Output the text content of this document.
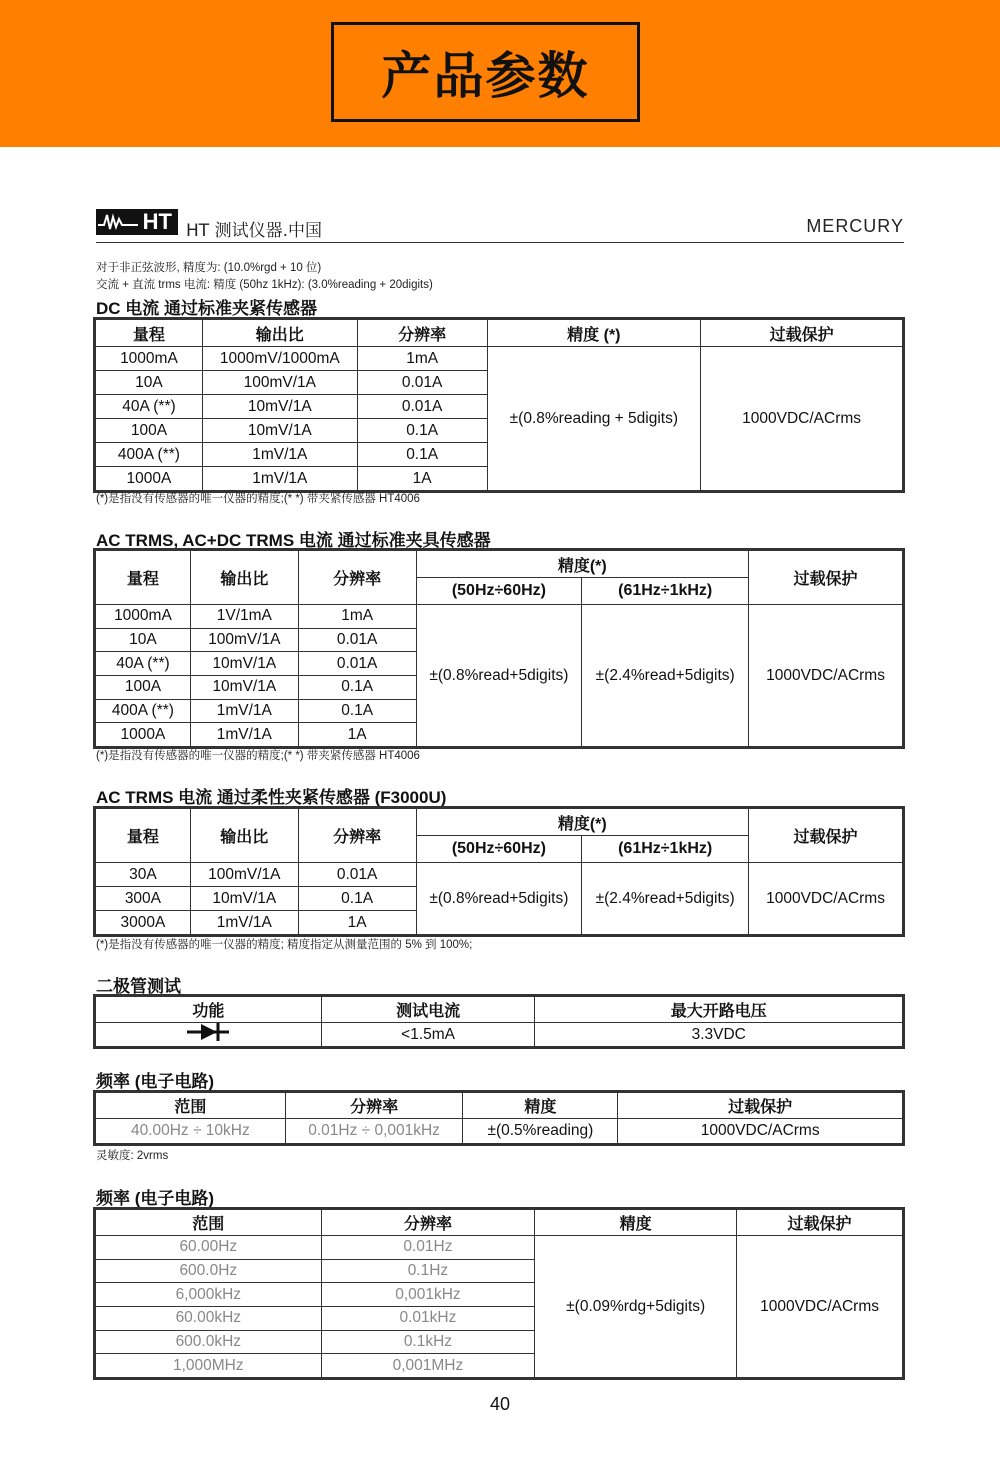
产品参数
HT HT 测试仪器.中国	MERCURY
对于非正弦波形, 精度为: (10.0%rgd + 10 位)
交流 + 直流 trms 电流: 精度 (50hz 1kHz): (3.0%reading + 20digits)
DC 电流 通过标准夹紧传感器
量程	输出比	分辨率	精度 (*)	过载保护
1000mA	1000mV/1000mA	1mA	±(0.8%reading + 5digits)	1000VDC/ACrms
10A	100mV/1A	0.01A		
40A (**)	10mV/1A	0.01A		
100A	10mV/1A	0.1A		
400A (**)	1mV/1A	0.1A		
1000A	1mV/1A	1A		
(*)是指没有传感器的唯一仪器的精度;(* *) 带夹紧传感器 HT4006
AC TRMS, AC+DC TRMS 电流 通过标准夹具传感器
量程	输出比	分辨率	精度(*)		过载保护
			(50Hz÷60Hz)	(61Hz÷1kHz)	
1000mA	1V/1mA	1mA	±(0.8%read+5digits)	±(2.4%read+5digits)	1000VDC/ACrms
10A	100mV/1A	0.01A			
40A (**)	10mV/1A	0.01A			
100A	10mV/1A	0.1A			
400A (**)	1mV/1A	0.1A			
1000A	1mV/1A	1A			
(*)是指没有传感器的唯一仪器的精度;(* *) 带夹紧传感器 HT4006
AC TRMS 电流 通过柔性夹紧传感器 (F3000U)
量程	输出比	分辨率	精度(*)		过载保护
			(50Hz÷60Hz)	(61Hz÷1kHz)	
30A	100mV/1A	0.01A	±(0.8%read+5digits)	±(2.4%read+5digits)	1000VDC/ACrms
300A	10mV/1A	0.1A			
3000A	1mV/1A	1A			
(*)是指没有传感器的唯一仪器的精度; 精度指定从测量范围的 5% 到 100%;
二极管测试
功能	测试电流	最大开路电压
	<1.5mA	3.3VDC
频率 (电子电路)
范围	分辨率	精度	过载保护
40.00Hz ÷ 10kHz	0.01Hz ÷ 0,001kHz	±(0.5%reading)	1000VDC/ACrms
灵敏度: 2vrms
频率 (电子电路)
范围	分辨率	精度	过载保护
60.00Hz	0.01Hz	±(0.09%rdg+5digits)	1000VDC/ACrms
600.0Hz	0.1Hz		
6,000kHz	0,001kHz		
60.00kHz	0.01kHz		
600.0kHz	0.1kHz		
1,000MHz	0,001MHz		
40
